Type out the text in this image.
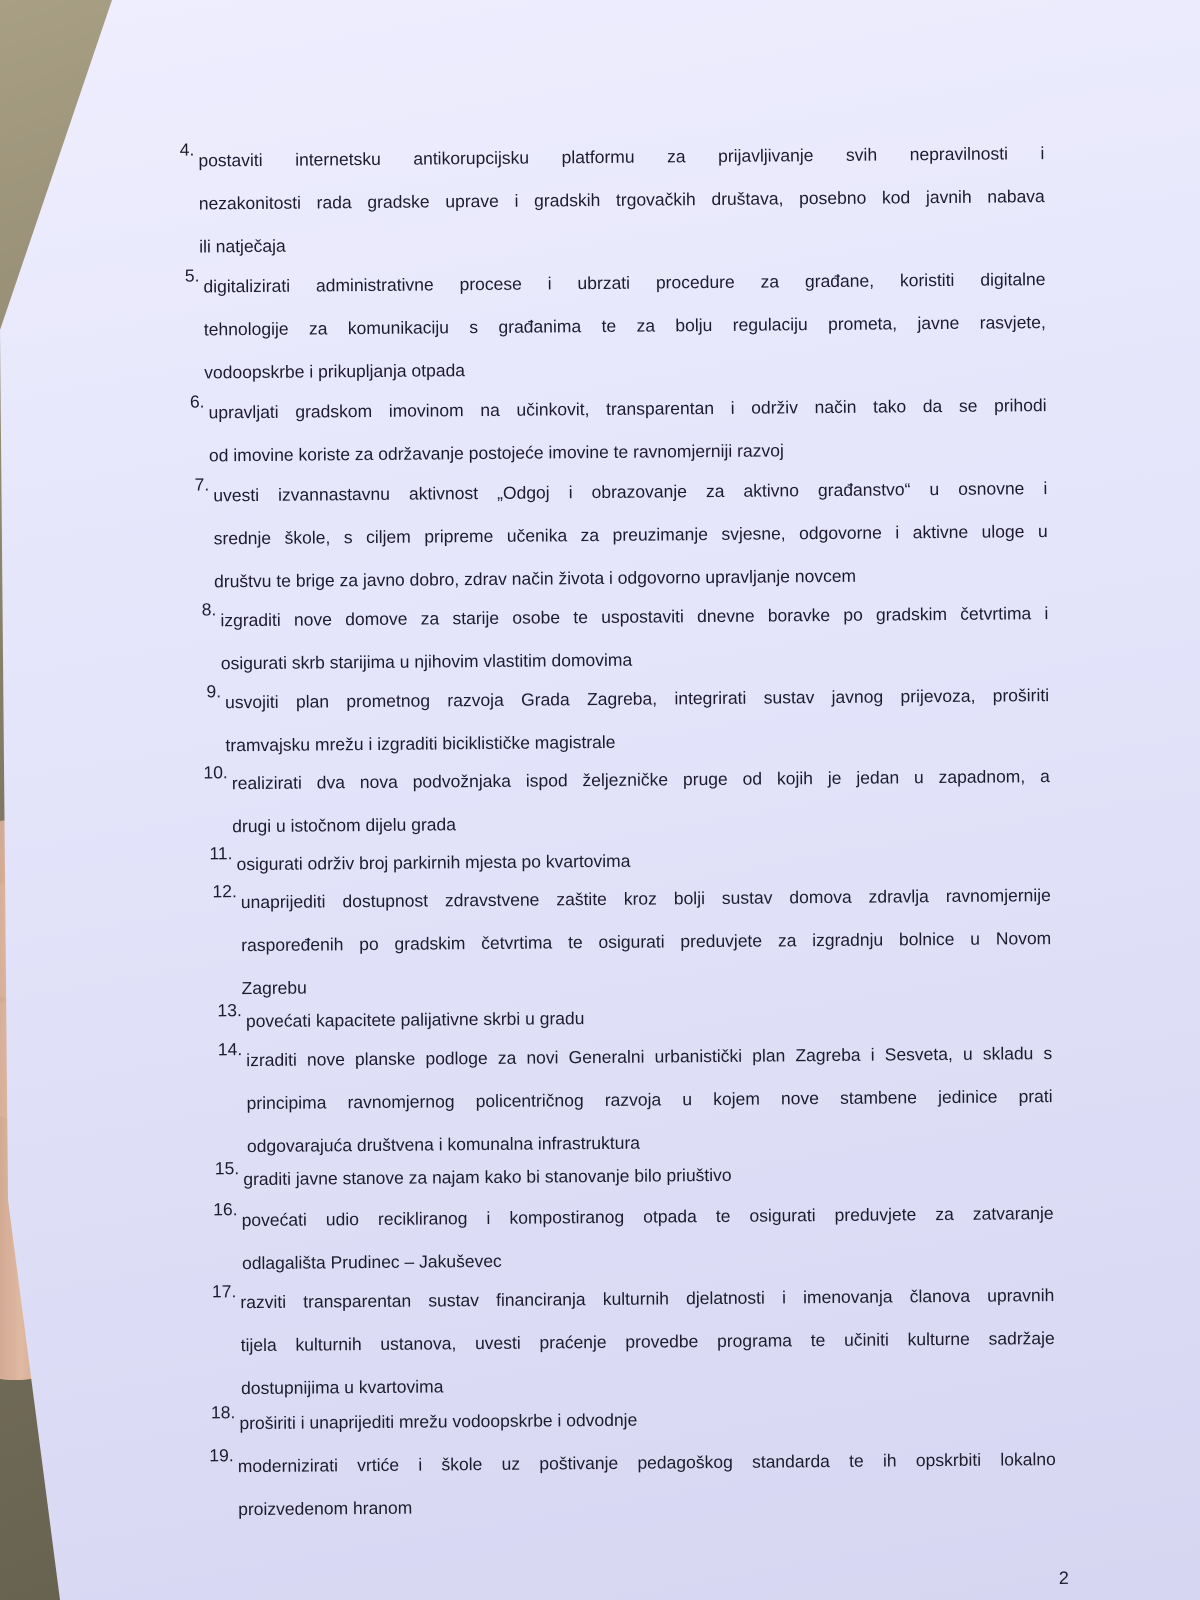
4. postaviti internetsku antikorupcijsku platformu za prijavljivanje svih nepravilnosti i
nezakonitosti rada gradske uprave i gradskih trgovačkih društava, posebno kod javnih nabava
ili natječaja
5. digitalizirati administrativne procese i ubrzati procedure za građane, koristiti digitalne
tehnologije za komunikaciju s građanima te za bolju regulaciju prometa, javne rasvjete,
vodoopskrbe i prikupljanja otpada
6. upravljati gradskom imovinom na učinkovit, transparentan i održiv način tako da se prihodi
od imovine koriste za održavanje postojeće imovine te ravnomjerniji razvoj
7. uvesti izvannastavnu aktivnost „Odgoj i obrazovanje za aktivno građanstvo“ u osnovne i
srednje škole, s ciljem pripreme učenika za preuzimanje svjesne, odgovorne i aktivne uloge u
društvu te brige za javno dobro, zdrav način života i odgovorno upravljanje novcem
8. izgraditi nove domove za starije osobe te uspostaviti dnevne boravke po gradskim četvrtima i
osigurati skrb starijima u njihovim vlastitim domovima
9. usvojiti plan prometnog razvoja Grada Zagreba, integrirati sustav javnog prijevoza, proširiti
tramvajsku mrežu i izgraditi biciklističke magistrale
10. realizirati dva nova podvožnjaka ispod željezničke pruge od kojih je jedan u zapadnom, a
drugi u istočnom dijelu grada
11. osigurati održiv broj parkirnih mjesta po kvartovima
12. unaprijediti dostupnost zdravstvene zaštite kroz bolji sustav domova zdravlja ravnomjernije
raspoređenih po gradskim četvrtima te osigurati preduvjete za izgradnju bolnice u Novom
Zagrebu
13. povećati kapacitete palijativne skrbi u gradu
14. izraditi nove planske podloge za novi Generalni urbanistički plan Zagreba i Sesveta, u skladu s
principima ravnomjernog policentričnog razvoja u kojem nove stambene jedinice prati
odgovarajuća društvena i komunalna infrastruktura
15. graditi javne stanove za najam kako bi stanovanje bilo priuštivo
16. povećati udio recikliranog i kompostiranog otpada te osigurati preduvjete za zatvaranje
odlagališta Prudinec – Jakuševec
17. razviti transparentan sustav financiranja kulturnih djelatnosti i imenovanja članova upravnih
tijela kulturnih ustanova, uvesti praćenje provedbe programa te učiniti kulturne sadržaje
dostupnijima u kvartovima
18. proširiti i unaprijediti mrežu vodoopskrbe i odvodnje
19. modernizirati vrtiće i škole uz poštivanje pedagoškog standarda te ih opskrbiti lokalno
proizvedenom hranom
2
